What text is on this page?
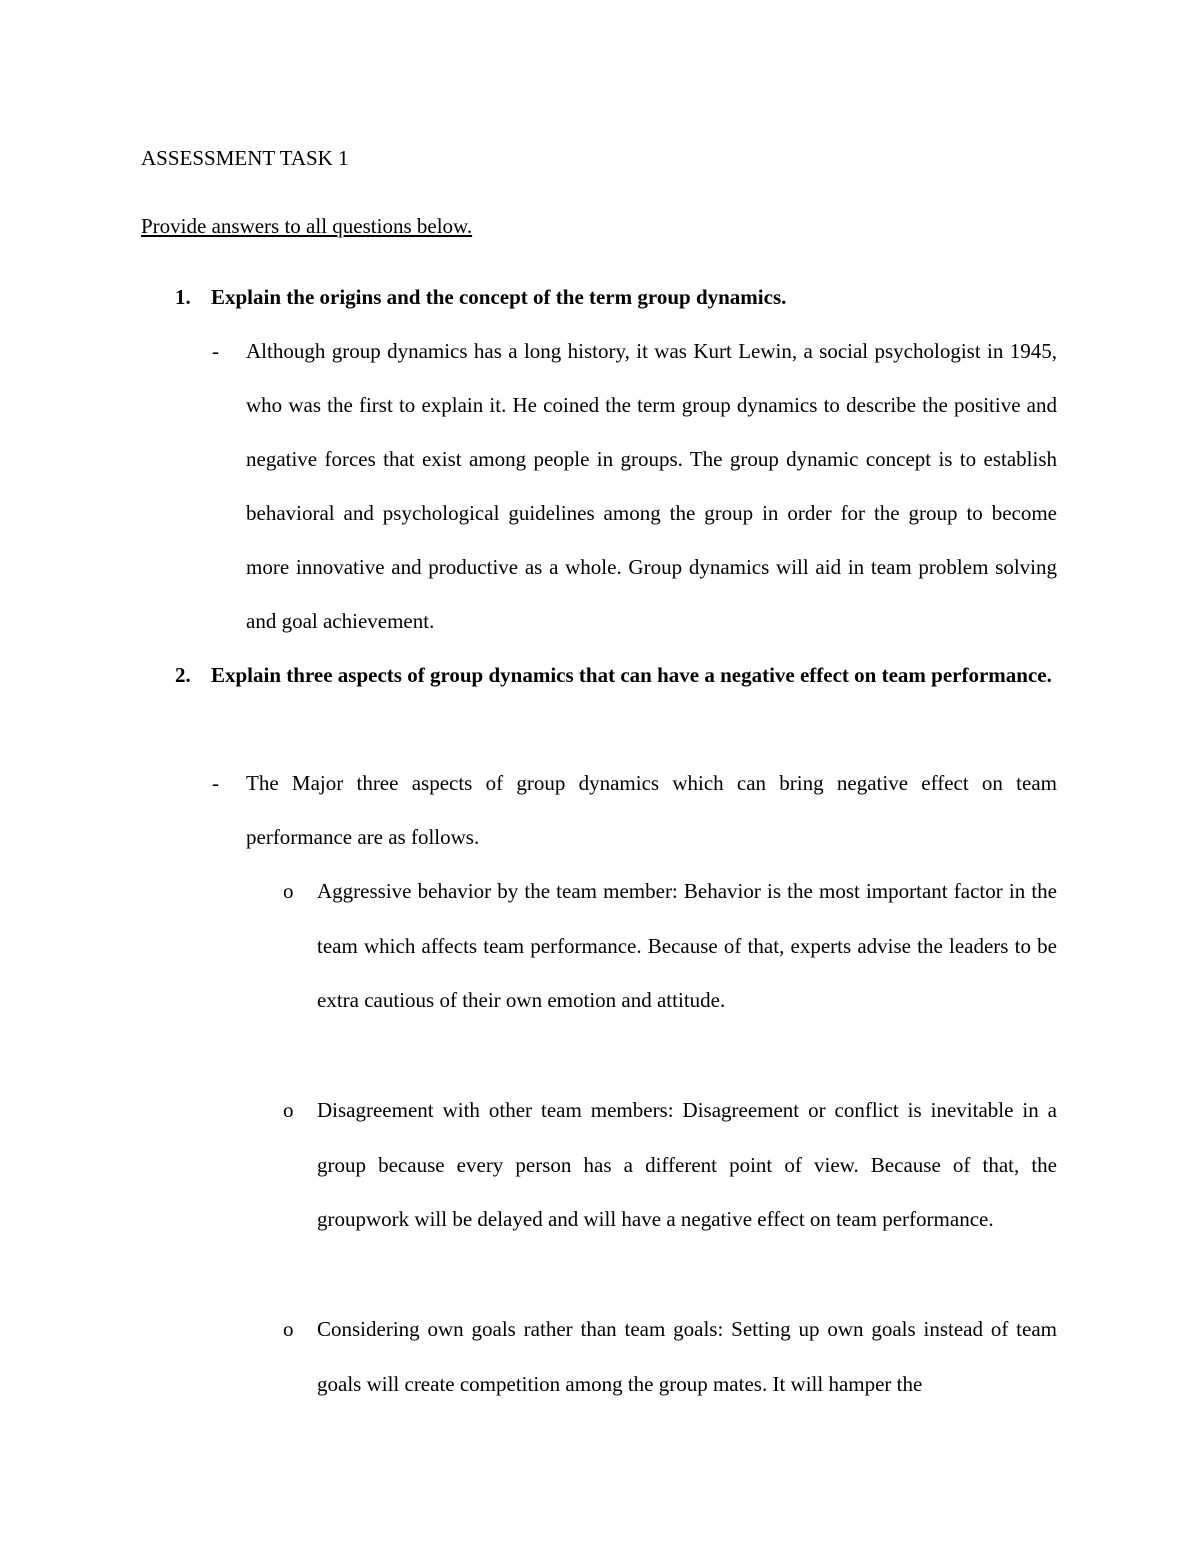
ASSESSMENT TASK 1
Provide answers to all questions below.
1. Explain the origins and the concept of the term group dynamics.
- Although group dynamics has a long history, it was Kurt Lewin, a social psychologist in 1945, who was the first to explain it. He coined the term group dynamics to describe the positive and negative forces that exist among people in groups. The group dynamic concept is to establish behavioral and psychological guidelines among the group in order for the group to become more innovative and productive as a whole. Group dynamics will aid in team problem solving and goal achievement.
2. Explain three aspects of group dynamics that can have a negative effect on team performance.
- The Major three aspects of group dynamics which can bring negative effect on team performance are as follows.
o Aggressive behavior by the team member: Behavior is the most important factor in the team which affects team performance. Because of that, experts advise the leaders to be extra cautious of their own emotion and attitude.
o Disagreement with other team members: Disagreement or conflict is inevitable in a group because every person has a different point of view. Because of that, the groupwork will be delayed and will have a negative effect on team performance.
o Considering own goals rather than team goals: Setting up own goals instead of team goals will create competition among the group mates. It will hamper the
